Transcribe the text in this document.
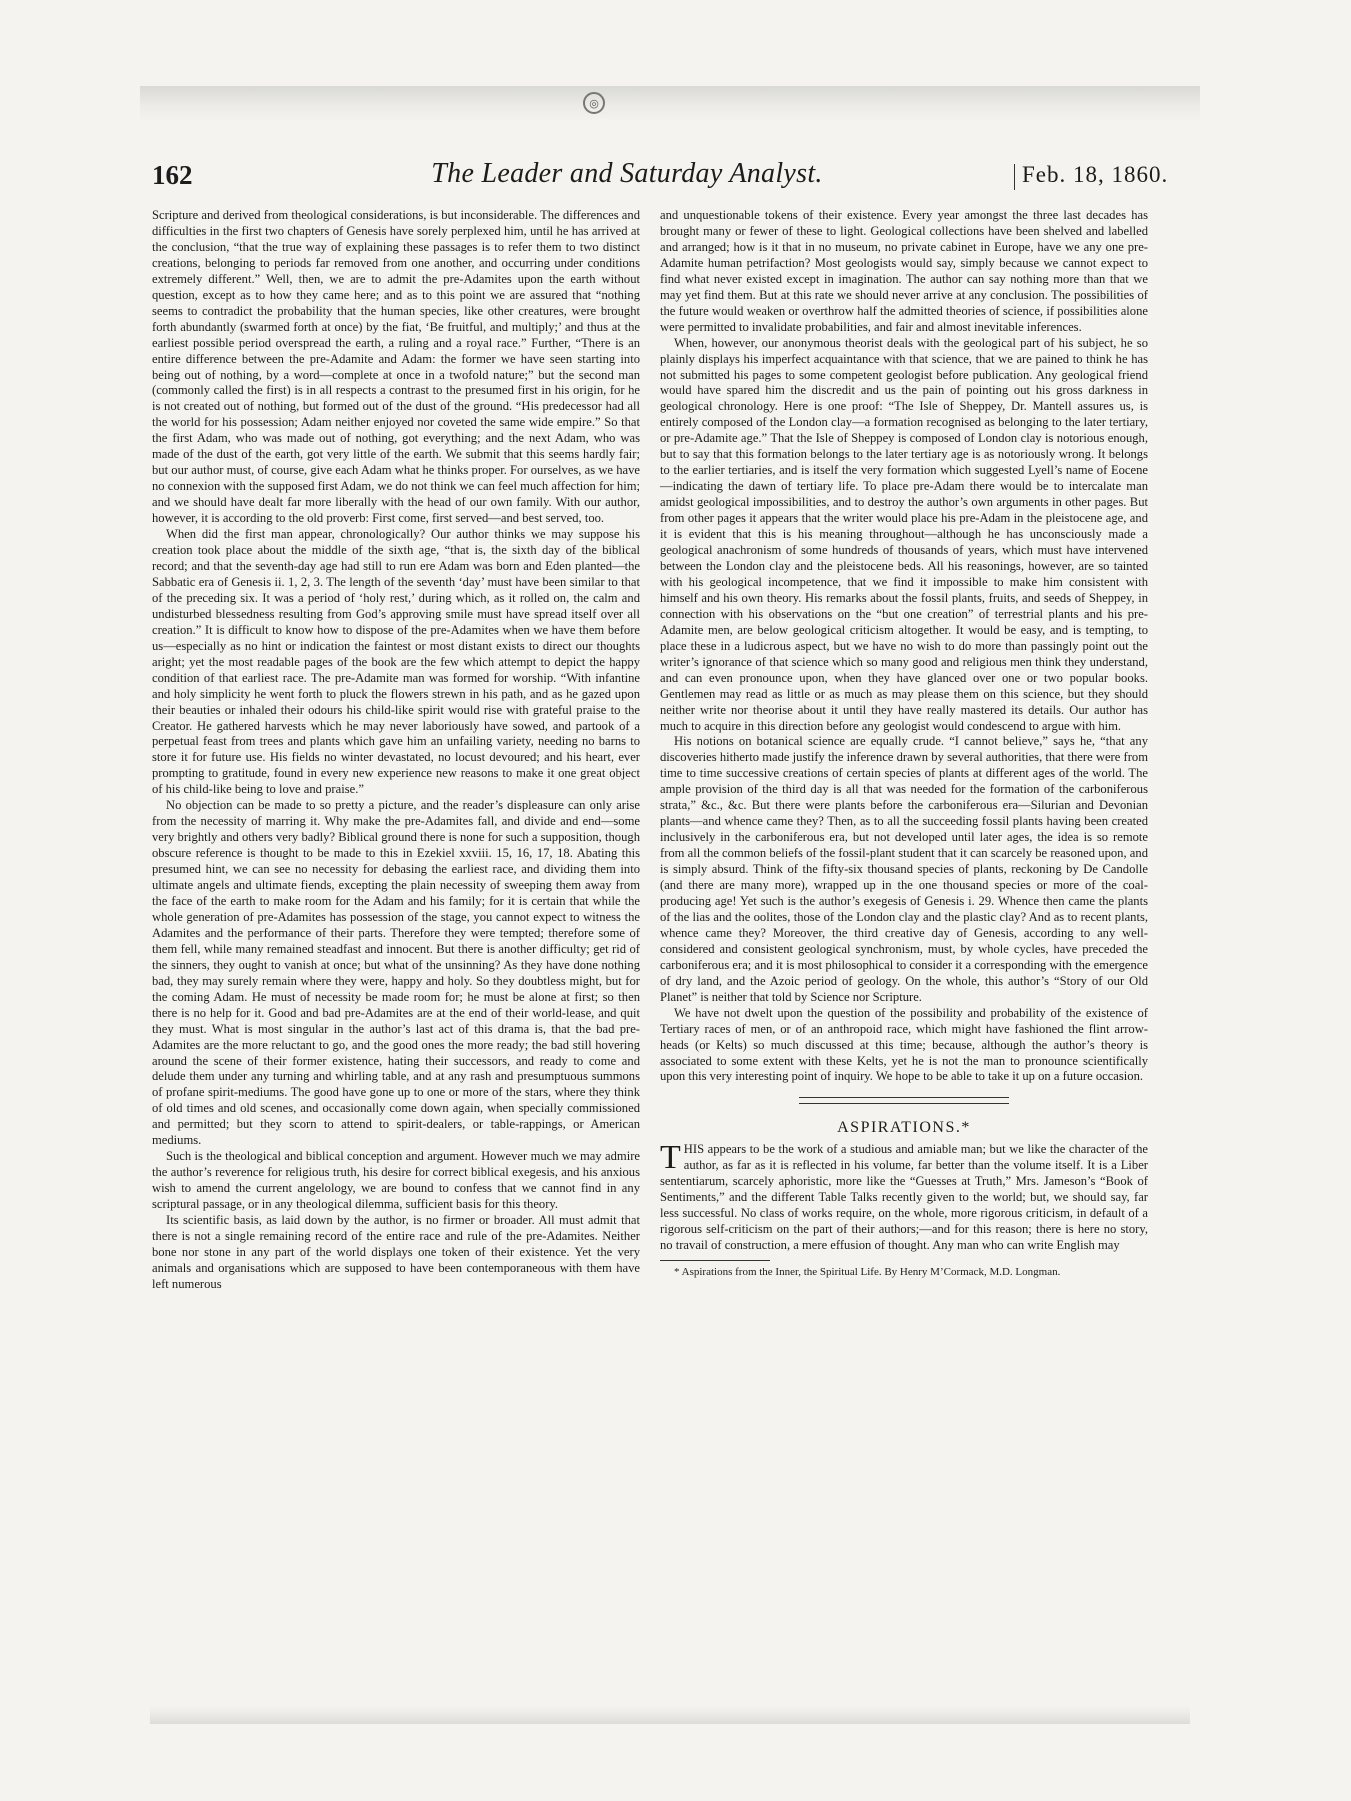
◎
162	The Leader and Saturday Analyst.	Feb. 18, 1860.

Scripture and derived from theological considerations, is but inconsiderable. The differences and difficulties in the first two chapters of Genesis have sorely perplexed him, until he has arrived at the conclusion, “that the true way of explaining these passages is to refer them to two distinct creations, belonging to periods far removed from one another, and occurring under conditions extremely different.” Well, then, we are to admit the pre-Adamites upon the earth without question, except as to how they came here; and as to this point we are assured that “nothing seems to contradict the probability that the human species, like other creatures, were brought forth abundantly (swarmed forth at once) by the fiat, ‘Be fruitful, and multiply;’ and thus at the earliest possible period overspread the earth, a ruling and a royal race.” Further, “There is an entire difference between the pre-Adamite and Adam: the former we have seen starting into being out of nothing, by a word—complete at once in a twofold nature;” but the second man (commonly called the first) is in all respects a contrast to the presumed first in his origin, for he is not created out of nothing, but formed out of the dust of the ground. “His predecessor had all the world for his possession; Adam neither enjoyed nor coveted the same wide empire.” So that the first Adam, who was made out of nothing, got everything; and the next Adam, who was made of the dust of the earth, got very little of the earth. We submit that this seems hardly fair; but our author must, of course, give each Adam what he thinks proper. For ourselves, as we have no connexion with the supposed first Adam, we do not think we can feel much affection for him; and we should have dealt far more liberally with the head of our own family. With our author, however, it is according to the old proverb: First come, first served—and best served, too.

When did the first man appear, chronologically? Our author thinks we may suppose his creation took place about the middle of the sixth age, “that is, the sixth day of the biblical record; and that the seventh-day age had still to run ere Adam was born and Eden planted—the Sabbatic era of Genesis ii. 1, 2, 3. The length of the seventh ‘day’ must have been similar to that of the preceding six. It was a period of ‘holy rest,’ during which, as it rolled on, the calm and undisturbed blessedness resulting from God’s approving smile must have spread itself over all creation.” It is difficult to know how to dispose of the pre-Adamites when we have them before us—especially as no hint or indication the faintest or most distant exists to direct our thoughts aright; yet the most readable pages of the book are the few which attempt to depict the happy condition of that earliest race. The pre-Adamite man was formed for worship. “With infantine and holy simplicity he went forth to pluck the flowers strewn in his path, and as he gazed upon their beauties or inhaled their odours his child-like spirit would rise with grateful praise to the Creator. He gathered harvests which he may never laboriously have sowed, and partook of a perpetual feast from trees and plants which gave him an unfailing variety, needing no barns to store it for future use. His fields no winter devastated, no locust devoured; and his heart, ever prompting to gratitude, found in every new experience new reasons to make it one great object of his child-like being to love and praise.”

No objection can be made to so pretty a picture, and the reader’s displeasure can only arise from the necessity of marring it. Why make the pre-Adamites fall, and divide and end—some very brightly and others very badly? Biblical ground there is none for such a supposition, though obscure reference is thought to be made to this in Ezekiel xxviii. 15, 16, 17, 18. Abating this presumed hint, we can see no necessity for debasing the earliest race, and dividing them into ultimate angels and ultimate fiends, excepting the plain necessity of sweeping them away from the face of the earth to make room for the Adam and his family; for it is certain that while the whole generation of pre-Adamites has possession of the stage, you cannot expect to witness the Adamites and the performance of their parts. Therefore they were tempted; therefore some of them fell, while many remained steadfast and innocent. But there is another difficulty; get rid of the sinners, they ought to vanish at once; but what of the unsinning? As they have done nothing bad, they may surely remain where they were, happy and holy. So they doubtless might, but for the coming Adam. He must of necessity be made room for; he must be alone at first; so then there is no help for it. Good and bad pre-Adamites are at the end of their world-lease, and quit they must. What is most singular in the author’s last act of this drama is, that the bad pre-Adamites are the more reluctant to go, and the good ones the more ready; the bad still hovering around the scene of their former existence, hating their successors, and ready to come and delude them under any turning and whirling table, and at any rash and presumptuous summons of profane spirit-mediums. The good have gone up to one or more of the stars, where they think of old times and old scenes, and occasionally come down again, when specially commissioned and permitted; but they scorn to attend to spirit-dealers, or table-rappings, or American mediums.

Such is the theological and biblical conception and argument. However much we may admire the author’s reverence for religious truth, his desire for correct biblical exegesis, and his anxious wish to amend the current angelology, we are bound to confess that we cannot find in any scriptural passage, or in any theological dilemma, sufficient basis for this theory.

Its scientific basis, as laid down by the author, is no firmer or broader. All must admit that there is not a single remaining record of the entire race and rule of the pre-Adamites. Neither bone nor stone in any part of the world displays one token of their existence. Yet the very animals and organisations which are supposed to have been contemporaneous with them have left numerous

and unquestionable tokens of their existence. Every year amongst the three last decades has brought many or fewer of these to light. Geological collections have been shelved and labelled and arranged; how is it that in no museum, no private cabinet in Europe, have we any one pre-Adamite human petrifaction? Most geologists would say, simply because we cannot expect to find what never existed except in imagination. The author can say nothing more than that we may yet find them. But at this rate we should never arrive at any conclusion. The possibilities of the future would weaken or overthrow half the admitted theories of science, if possibilities alone were permitted to invalidate probabilities, and fair and almost inevitable inferences.

When, however, our anonymous theorist deals with the geological part of his subject, he so plainly displays his imperfect acquaintance with that science, that we are pained to think he has not submitted his pages to some competent geologist before publication. Any geological friend would have spared him the discredit and us the pain of pointing out his gross darkness in geological chronology. Here is one proof: “The Isle of Sheppey, Dr. Mantell assures us, is entirely composed of the London clay—a formation recognised as belonging to the later tertiary, or pre-Adamite age.” That the Isle of Sheppey is composed of London clay is notorious enough, but to say that this formation belongs to the later tertiary age is as notoriously wrong. It belongs to the earlier tertiaries, and is itself the very formation which suggested Lyell’s name of Eocene—indicating the dawn of tertiary life. To place pre-Adam there would be to intercalate man amidst geological impossibilities, and to destroy the author’s own arguments in other pages. But from other pages it appears that the writer would place his pre-Adam in the pleistocene age, and it is evident that this is his meaning throughout—although he has unconsciously made a geological anachronism of some hundreds of thousands of years, which must have intervened between the London clay and the pleistocene beds. All his reasonings, however, are so tainted with his geological incompetence, that we find it impossible to make him consistent with himself and his own theory. His remarks about the fossil plants, fruits, and seeds of Sheppey, in connection with his observations on the “but one creation” of terrestrial plants and his pre-Adamite men, are below geological criticism altogether. It would be easy, and is tempting, to place these in a ludicrous aspect, but we have no wish to do more than passingly point out the writer’s ignorance of that science which so many good and religious men think they understand, and can even pronounce upon, when they have glanced over one or two popular books. Gentlemen may read as little or as much as may please them on this science, but they should neither write nor theorise about it until they have really mastered its details. Our author has much to acquire in this direction before any geologist would condescend to argue with him.

His notions on botanical science are equally crude. “I cannot believe,” says he, “that any discoveries hitherto made justify the inference drawn by several authorities, that there were from time to time successive creations of certain species of plants at different ages of the world. The ample provision of the third day is all that was needed for the formation of the carboniferous strata,” &c., &c. But there were plants before the carboniferous era—Silurian and Devonian plants—and whence came they? Then, as to all the succeeding fossil plants having been created inclusively in the carboniferous era, but not developed until later ages, the idea is so remote from all the common beliefs of the fossil-plant student that it can scarcely be reasoned upon, and is simply absurd. Think of the fifty-six thousand species of plants, reckoning by De Candolle (and there are many more), wrapped up in the one thousand species or more of the coal-producing age! Yet such is the author’s exegesis of Genesis i. 29. Whence then came the plants of the lias and the oolites, those of the London clay and the plastic clay? And as to recent plants, whence came they? Moreover, the third creative day of Genesis, according to any well-considered and consistent geological synchronism, must, by whole cycles, have preceded the carboniferous era; and it is most philosophical to consider it a corresponding with the emergence of dry land, and the Azoic period of geology. On the whole, this author’s “Story of our Old Planet” is neither that told by Science nor Scripture.

We have not dwelt upon the question of the possibility and probability of the existence of Tertiary races of men, or of an anthropoid race, which might have fashioned the flint arrow-heads (or Kelts) so much discussed at this time; because, although the author’s theory is associated to some extent with these Kelts, yet he is not the man to pronounce scientifically upon this very interesting point of inquiry. We hope to be able to take it up on a future occasion.

ASPIRATIONS.*

THIS appears to be the work of a studious and amiable man; but we like the character of the author, as far as it is reflected in his volume, far better than the volume itself. It is a Liber sententiarum, scarcely aphoristic, more like the “Guesses at Truth,” Mrs. Jameson’s “Book of Sentiments,” and the different Table Talks recently given to the world; but, we should say, far less successful. No class of works require, on the whole, more rigorous criticism, in default of a rigorous self-criticism on the part of their authors;—and for this reason; there is here no story, no travail of construction, a mere effusion of thought. Any man who can write English may

* Aspirations from the Inner, the Spiritual Life. By Henry M’Cormack, M.D. Longman.
